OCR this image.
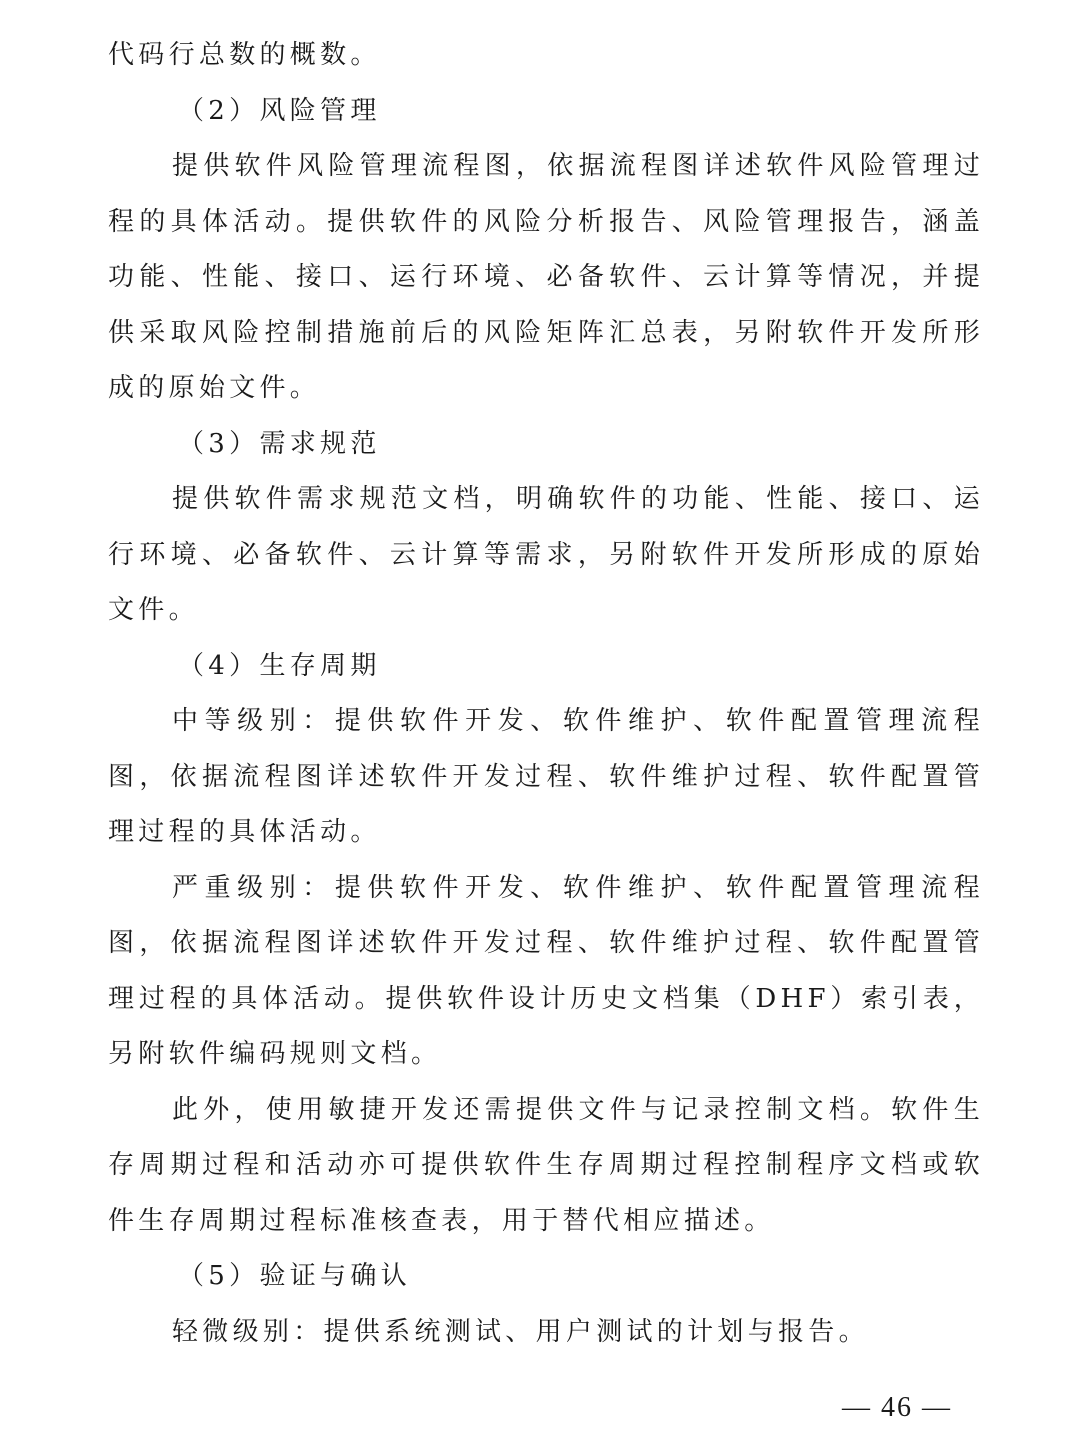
代码行总数的概数。

（2）风险管理

提供软件风险管理流程图，依据流程图详述软件风险管理过程的具体活动。提供软件的风险分析报告、风险管理报告，涵盖功能、性能、接口、运行环境、必备软件、云计算等情况，并提供采取风险控制措施前后的风险矩阵汇总表，另附软件开发所形成的原始文件。

（3）需求规范

提供软件需求规范文档，明确软件的功能、性能、接口、运行环境、必备软件、云计算等需求，另附软件开发所形成的原始文件。

（4）生存周期

中等级别：提供软件开发、软件维护、软件配置管理流程图，依据流程图详述软件开发过程、软件维护过程、软件配置管理过程的具体活动。

严重级别：提供软件开发、软件维护、软件配置管理流程图，依据流程图详述软件开发过程、软件维护过程、软件配置管理过程的具体活动。提供软件设计历史文档集（DHF）索引表，另附软件编码规则文档。

此外，使用敏捷开发还需提供文件与记录控制文档。软件生存周期过程和活动亦可提供软件生存周期过程控制程序文档或软件生存周期过程标准核查表，用于替代相应描述。

（5）验证与确认

轻微级别：提供系统测试、用户测试的计划与报告。

— 46 —
